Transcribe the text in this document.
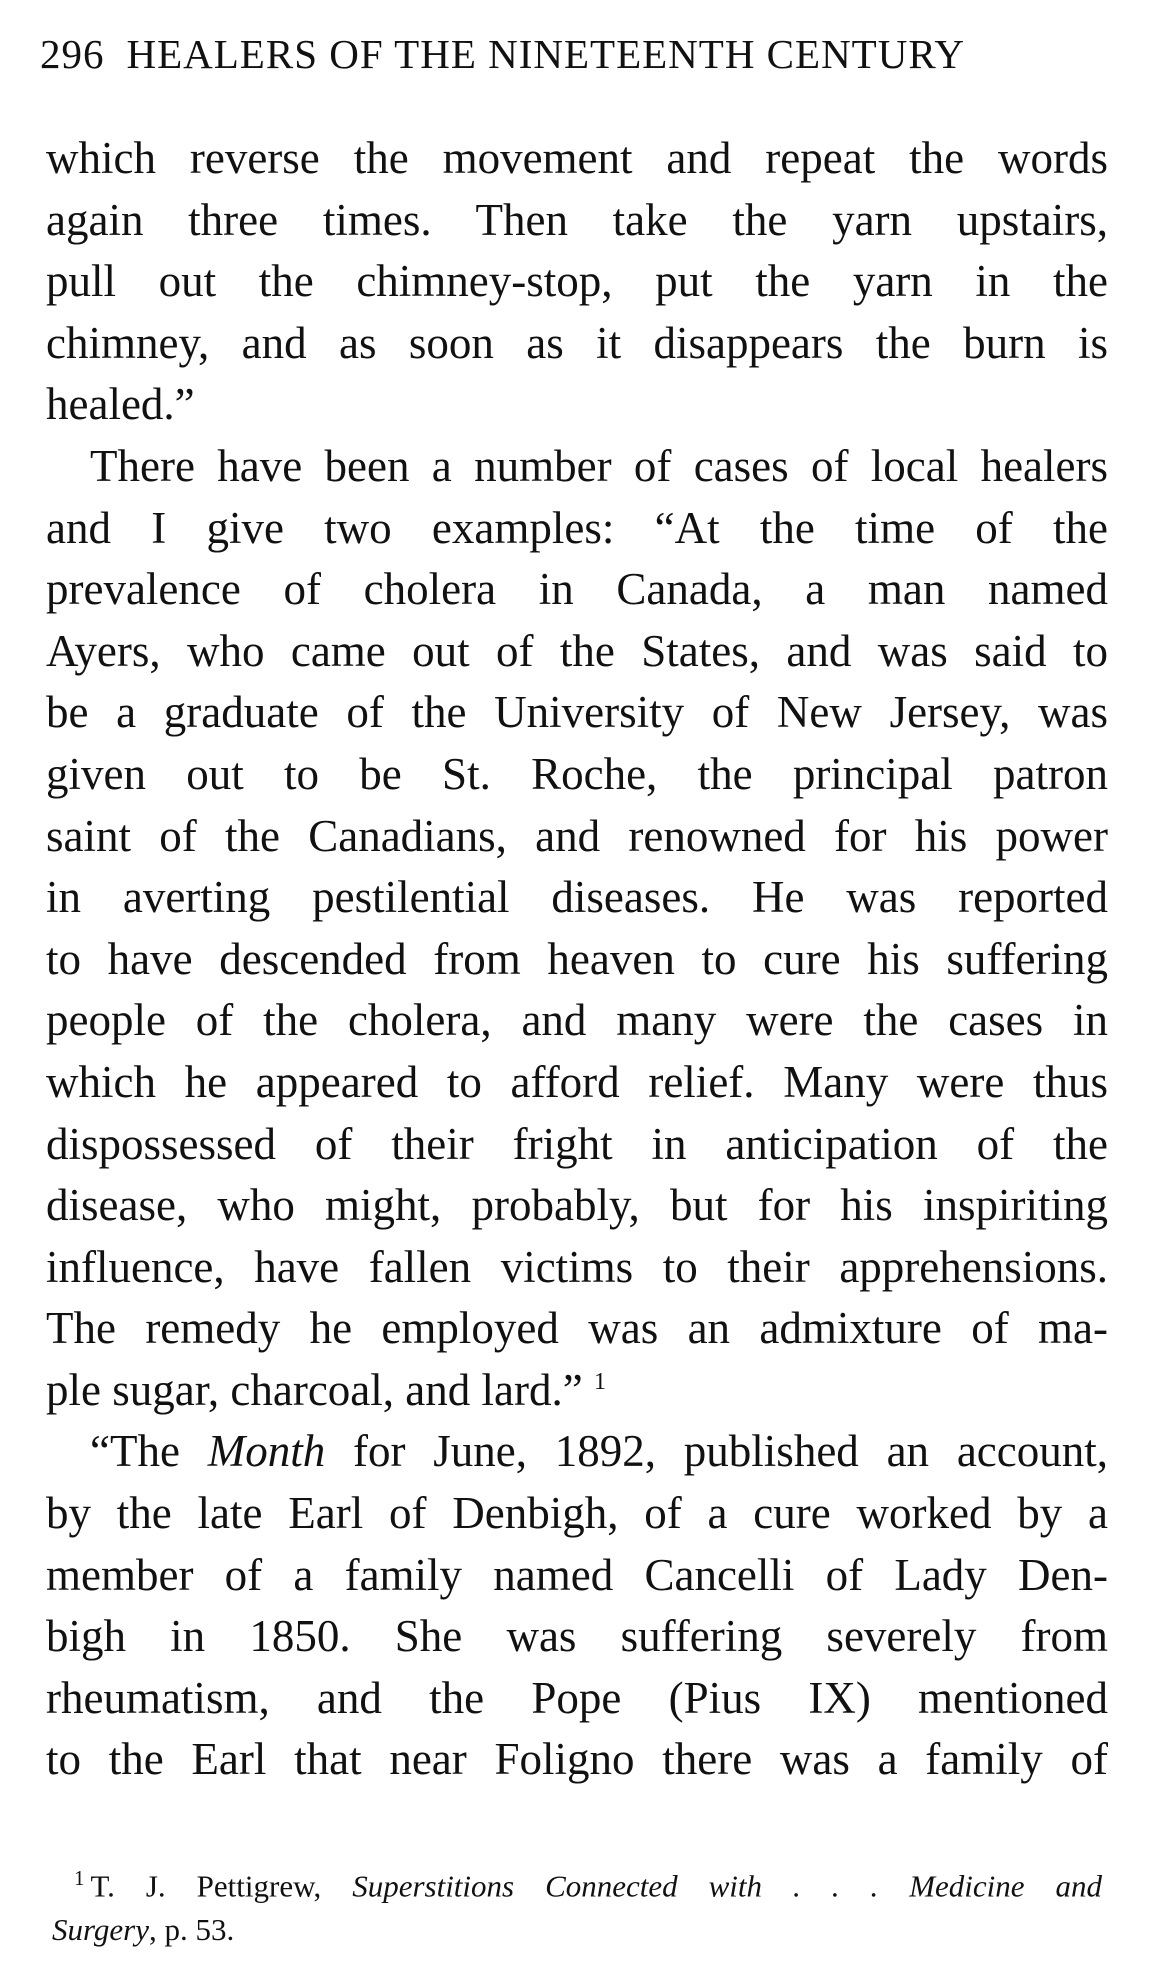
296 HEALERS OF THE NINETEENTH CENTURY
which reverse the movement and repeat the words
again three times. Then take the yarn upstairs,
pull out the chimney-stop, put the yarn in the
chimney, and as soon as it disappears the burn is
healed.”
There have been a number of cases of local healers
and I give two examples: “At the time of the
prevalence of cholera in Canada, a man named
Ayers, who came out of the States, and was said to
be a graduate of the University of New Jersey, was
given out to be St. Roche, the principal patron
saint of the Canadians, and renowned for his power
in averting pestilential diseases. He was reported
to have descended from heaven to cure his suffering
people of the cholera, and many were the cases in
which he appeared to afford relief. Many were thus
dispossessed of their fright in anticipation of the
disease, who might, probably, but for his inspiriting
influence, have fallen victims to their apprehensions.
The remedy he employed was an admixture of ma-
ple sugar, charcoal, and lard.” $^1$
“The Month for June, 1892, published an account,
by the late Earl of Denbigh, of a cure worked by a
member of a family named Cancelli of Lady Den-
bigh in 1850. She was suffering severely from
rheumatism, and the Pope (Pius IX) mentioned
to the Earl that near Foligno there was a family of
$^1$ T. J. Pettigrew, Superstitions Connected with . . . Medicine and
Surgery, p. 53.
